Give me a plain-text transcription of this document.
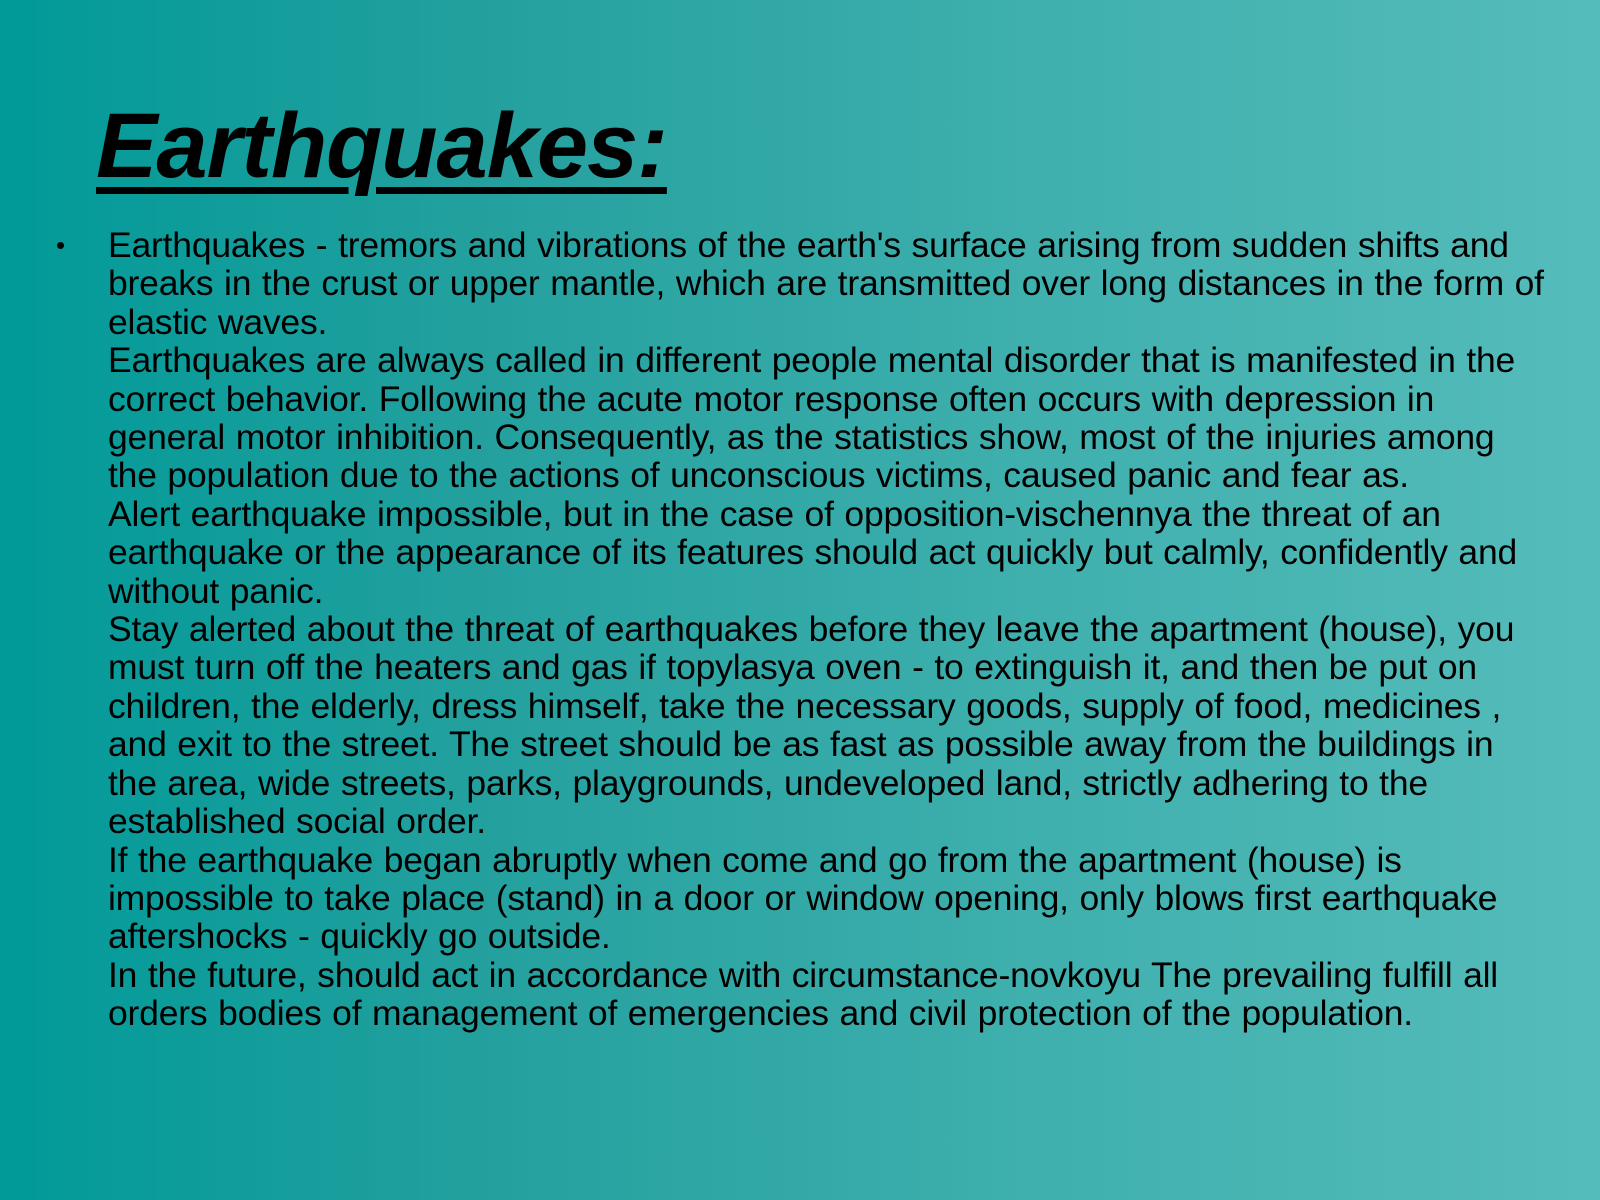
Earthquakes:
•	Earthquakes - tremors and vibrations of the earth's surface arising from sudden shifts and breaks in the crust or upper mantle, which are transmitted over long distances in the form of elastic waves.

Earthquakes are always called in different people mental disorder that is manifested in the correct behavior. Following the acute motor response often occurs with depression in general motor inhibition. Consequently, as the statistics show, most of the injuries among the population due to the actions of unconscious victims, caused panic and fear as.

Alert earthquake impossible, but in the case of opposition-vischennya the threat of an earthquake or the appearance of its features should act quickly but calmly, confidently and without panic.

Stay alerted about the threat of earthquakes before they leave the apartment (house), you must turn off the heaters and gas if topylasya oven - to extinguish it, and then be put on children, the elderly, dress himself, take the necessary goods, supply of food, medicines , and exit to the street. The street should be as fast as possible away from the buildings in the area, wide streets, parks, playgrounds, undeveloped land, strictly adhering to the established social order.

If the earthquake began abruptly when come and go from the apartment (house) is impossible to take place (stand) in a door or window opening, only blows first earthquake aftershocks - quickly go outside.

In the future, should act in accordance with circumstance-novkoyu The prevailing fulfill all orders bodies of management of emergencies and civil protection of the population.
